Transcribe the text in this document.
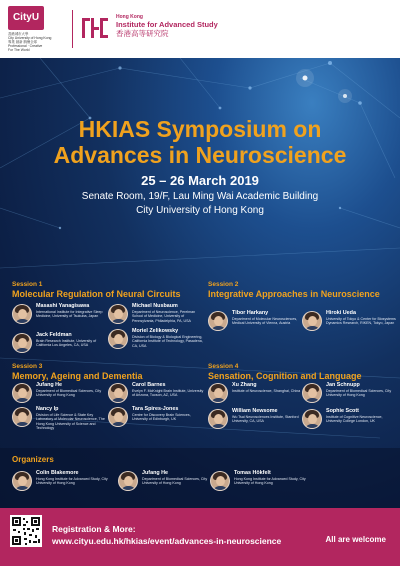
CityU
香港城市大學
City University of Hong Kong
專業 創新 胸懷全球
Professional · Creative
For The World
Hong Kong
Institute for Advanced Study
香港高等研究院
HKIAS Symposium on
Advances in Neuroscience
25 – 26 March 2019
Senate Room, 19/F, Lau Ming Wai Academic Building
City University of Hong Kong
Session 1
Molecular Regulation of Neural Circuits
Masashi Yanagisawa
International Institute for Integrative Sleep Medicine, University of Tsukuba, Japan
Michael Nusbaum
Department of Neuroscience, Perelman School of Medicine, University of Pennsylvania, Philadelphia, PA, USA
Jack Feldman
Brain Research Institute, University of California Los Angeles, CA, USA
Moriel Zelikowsky
Division of Biology & Biological Engineering, California Institute of Technology, Pasadena, CA, USA
Session 2
Integrative Approaches in Neuroscience
Tibor Harkany
Department of Molecular Neurosciences, Medical University of Vienna, Austria
Hiroki Ueda
University of Tokyo & Center for Biosystems Dynamics Research, RIKEN, Tokyo, Japan
Session 3
Memory, Ageing and Dementia
Jufang He
Department of Biomedical Sciences, City University of Hong Kong
Carol Barnes
Evelyn F. McKnight Brain Institute, University of Arizona, Tucson, AZ, USA
Nancy Ip
Division of Life Science & State Key Laboratory of Molecular Neuroscience, The Hong Kong University of Science and Technology
Tara Spires-Jones
Centre for Discovery Brain Sciences, University of Edinburgh, UK
Session 4
Sensation, Cognition and Language
Xu Zhang
Institute of Neuroscience, Shanghai, China
Jan Schnupp
Department of Biomedical Sciences, City University of Hong Kong
William Newsome
Wu Tsai Neurosciences Institute, Stanford University, CA, USA
Sophie Scott
Institute of Cognitive Neuroscience, University College London, UK
Organizers
Colin Blakemore
Hong Kong Institute for Advanced Study, City University of Hong Kong
Jufang He
Department of Biomedical Sciences, City University of Hong Kong
Tomas Hökfelt
Hong Kong Institute for Advanced Study, City University of Hong Kong
Registration & More:
www.cityu.edu.hk/hkias/event/advances-in-neuroscience	All are welcome
